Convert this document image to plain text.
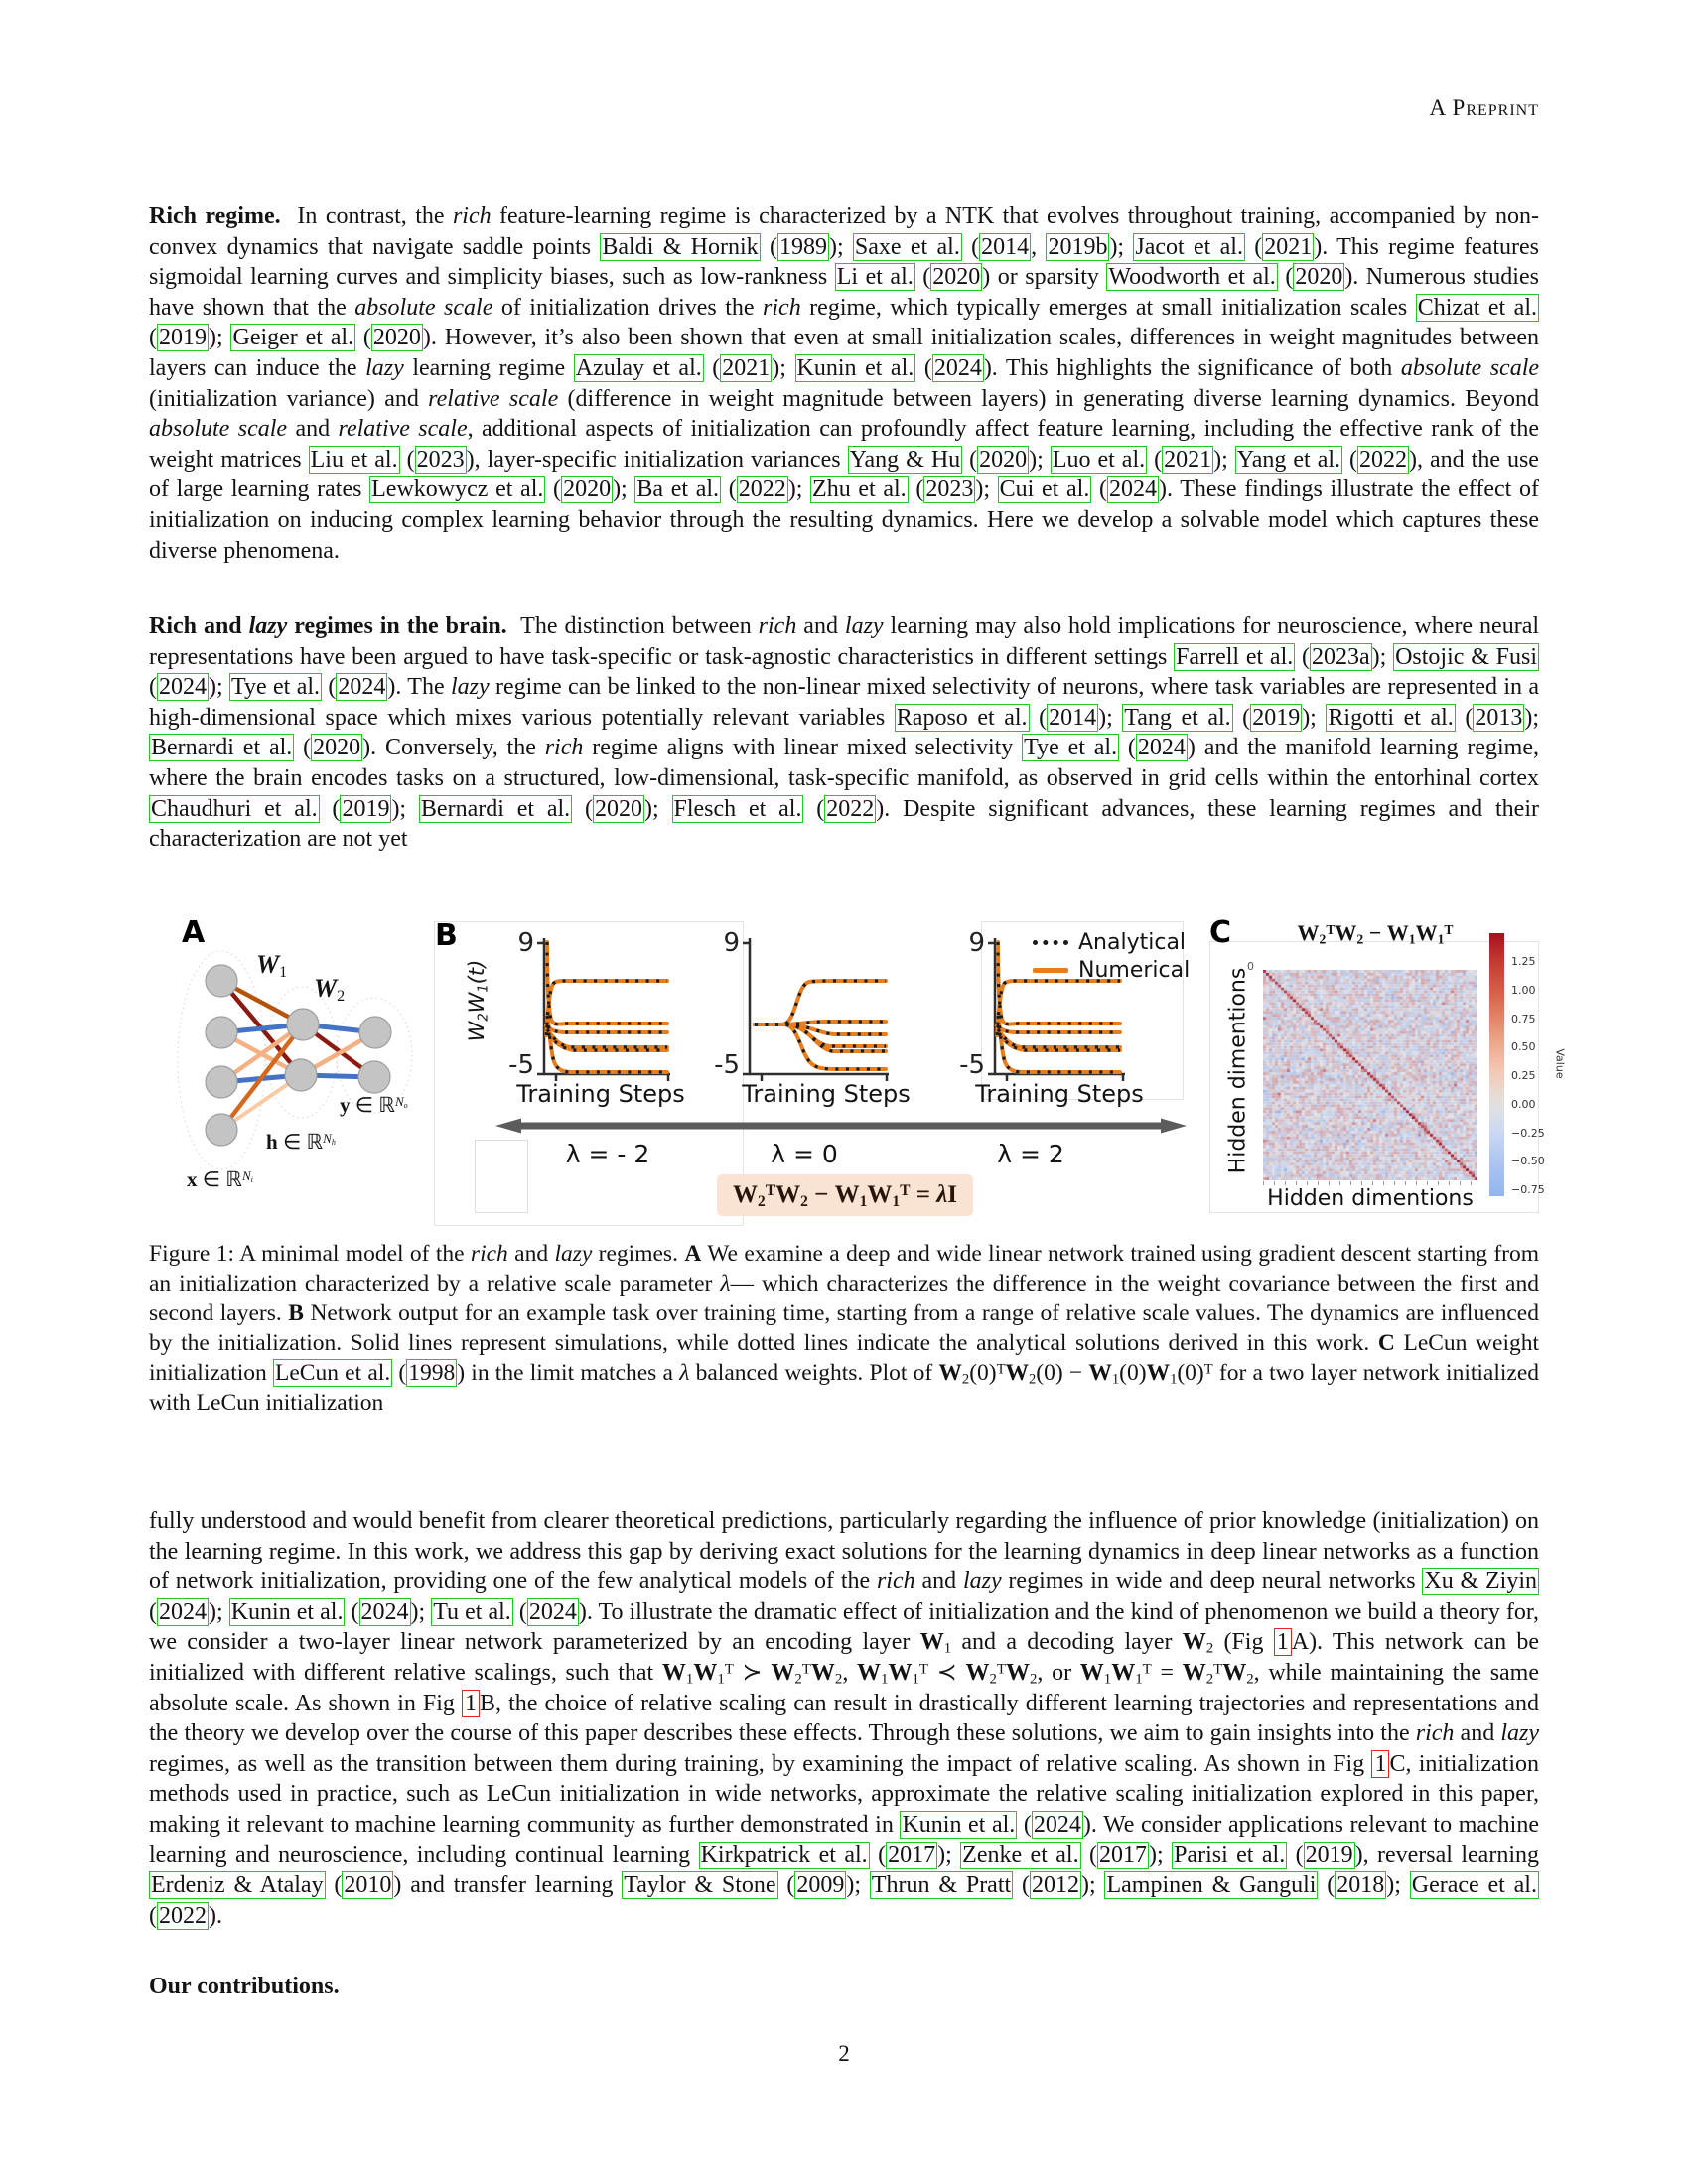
A Preprint
Rich regime.  In contrast, the rich feature-learning regime is characterized by a NTK that evolves throughout training, accompanied by non-convex dynamics that navigate saddle points Baldi & Hornik (1989); Saxe et al. (2014, 2019b); Jacot et al. (2021). This regime features sigmoidal learning curves and simplicity biases, such as low-rankness Li et al. (2020) or sparsity Woodworth et al. (2020). Numerous studies have shown that the absolute scale of initialization drives the rich regime, which typically emerges at small initialization scales Chizat et al. (2019); Geiger et al. (2020). However, it’s also been shown that even at small initialization scales, differences in weight magnitudes between layers can induce the lazy learning regime Azulay et al. (2021); Kunin et al. (2024). This highlights the significance of both absolute scale (initialization variance) and relative scale (difference in weight magnitude between layers) in generating diverse learning dynamics. Beyond absolute scale and relative scale, additional aspects of initialization can profoundly affect feature learning, including the effective rank of the weight matrices Liu et al. (2023), layer-specific initialization variances Yang & Hu (2020); Luo et al. (2021); Yang et al. (2022), and the use of large learning rates Lewkowycz et al. (2020); Ba et al. (2022); Zhu et al. (2023); Cui et al. (2024). These findings illustrate the effect of initialization on inducing complex learning behavior through the resulting dynamics. Here we develop a solvable model which captures these diverse phenomena.
Rich and lazy regimes in the brain.  The distinction between rich and lazy learning may also hold implications for neuroscience, where neural representations have been argued to have task-specific or task-agnostic characteristics in different settings Farrell et al. (2023a); Ostojic & Fusi (2024); Tye et al. (2024). The lazy regime can be linked to the non-linear mixed selectivity of neurons, where task variables are represented in a high-dimensional space which mixes various potentially relevant variables Raposo et al. (2014); Tang et al. (2019); Rigotti et al. (2013); Bernardi et al. (2020). Conversely, the rich regime aligns with linear mixed selectivity Tye et al. (2024) and the manifold learning regime, where the brain encodes tasks on a structured, low-dimensional, task-specific manifold, as observed in grid cells within the entorhinal cortex Chaudhuri et al. (2019); Bernardi et al. (2020); Flesch et al. (2022). Despite significant advances, these learning regimes and their characterization are not yet
A
$W_1$
$W_2$
x ∈ ℝ$^{N_i}$
h ∈ ℝ$^{N_h}$
y ∈ ℝ$^{N_o}$
B	9
-5
9
-5
9
-5
$W_2W_1(t)$
Training Steps Training Steps	Training Steps
Analytical
Numerical
λ = - 2	λ = 0	λ = 2
$W_2^TW_2 - W_1W_1^T = \lambda I$
C	$W_2^TW_2 - W_1W_1^T$
0
Hidden dimentions
Hidden dimentions
1.25
1.00
0.75
0.50
0.25
0.00
−0.25
−0.50
−0.75
Value
Figure 1: A minimal model of the rich and lazy regimes. A We examine a deep and wide linear network trained using gradient descent starting from an initialization characterized by a relative scale parameter λ— which characterizes the difference in the weight covariance between the first and second layers. B Network output for an example task over training time, starting from a range of relative scale values. The dynamics are influenced by the initialization. Solid lines represent simulations, while dotted lines indicate the analytical solutions derived in this work. C LeCun weight initialization LeCun et al. (1998) in the limit matches a λ balanced weights. Plot of $W_2(0)^TW_2(0) - W_1(0)W_1(0)^T$ for a two layer network initialized with LeCun initialization
fully understood and would benefit from clearer theoretical predictions, particularly regarding the influence of prior knowledge (initialization) on the learning regime. In this work, we address this gap by deriving exact solutions for the learning dynamics in deep linear networks as a function of network initialization, providing one of the few analytical models of the rich and lazy regimes in wide and deep neural networks Xu & Ziyin (2024); Kunin et al. (2024); Tu et al. (2024). To illustrate the dramatic effect of initialization and the kind of phenomenon we build a theory for, we consider a two-layer linear network parameterized by an encoding layer $W_1$ and a decoding layer $W_2$ (Fig 1 A). This network can be initialized with different relative scalings, such that $W_1W_1^T$ ≻ $W_2^TW_2$, $W_1W_1^T$ ≺ $W_2^TW_2$, or $W_1W_1^T = W_2^TW_2$, while maintaining the same absolute scale. As shown in Fig 1 B, the choice of relative scaling can result in drastically different learning trajectories and representations and the theory we develop over the course of this paper describes these effects. Through these solutions, we aim to gain insights into the rich and lazy regimes, as well as the transition between them during training, by examining the impact of relative scaling. As shown in Fig 1 C, initialization methods used in practice, such as LeCun initialization in wide networks, approximate the relative scaling initialization explored in this paper, making it relevant to machine learning community as further demonstrated in Kunin et al. (2024). We consider applications relevant to machine learning and neuroscience, including continual learning Kirkpatrick et al. (2017); Zenke et al. (2017); Parisi et al. (2019), reversal learning Erdeniz & Atalay (2010) and transfer learning Taylor & Stone (2009); Thrun & Pratt (2012); Lampinen & Ganguli (2018); Gerace et al. (2022).
Our contributions.
2
